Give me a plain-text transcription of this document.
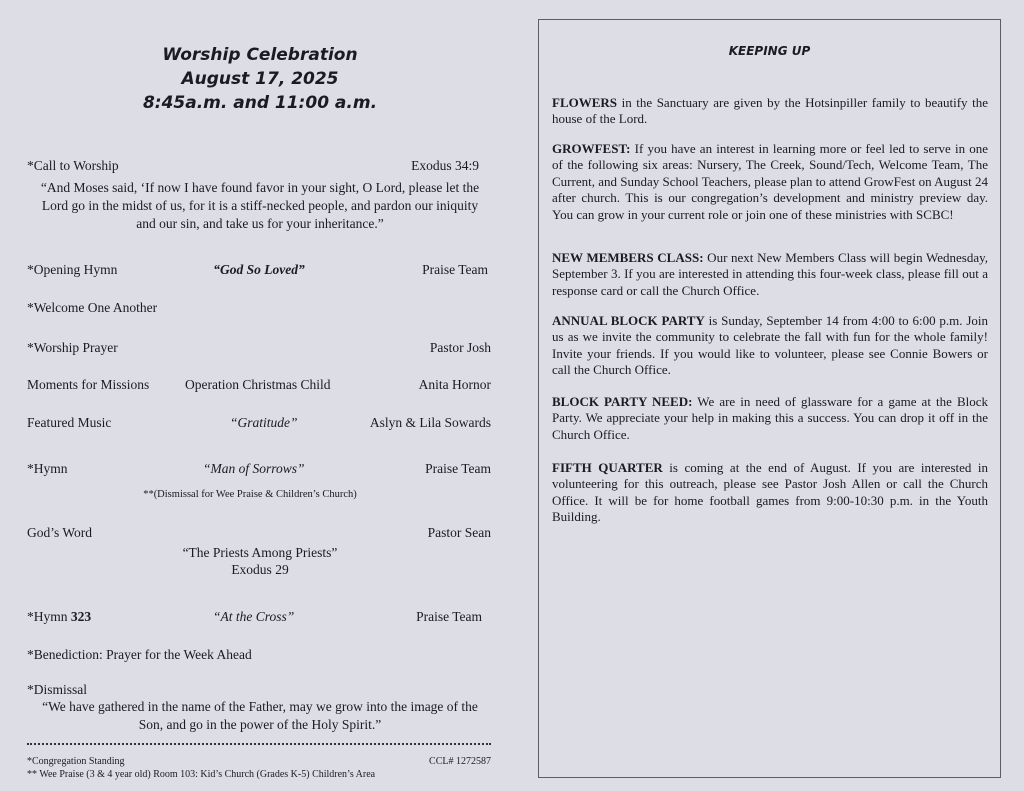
Worship Celebration
August 17, 2025
8:45a.m. and 11:00 a.m.
*Call to Worship	Exodus 34:9
“And Moses said, ‘If now I have found favor in your sight, O Lord, please let the
Lord go in the midst of us, for it is a stiff-necked people, and pardon our iniquity
and our sin, and take us for your inheritance.”
*Opening Hymn	“God So Loved”	Praise Team
*Welcome One Another
*Worship Prayer	Pastor Josh
Moments for Missions	Operation Christmas Child	Anita Hornor
Featured Music	“Gratitude”	Aslyn & Lila Sowards
*Hymn	“Man of Sorrows”	Praise Team
**(Dismissal for Wee Praise & Children’s Church)
God’s Word	Pastor Sean
“The Priests Among Priests”
Exodus 29
*Hymn 323	“At the Cross”	Praise Team
*Benediction: Prayer for the Week Ahead
*Dismissal
“We have gathered in the name of the Father, may we grow into the image of the
Son, and go in the power of the Holy Spirit.”
*Congregation Standing	CCL# 1272587
** Wee Praise (3 & 4 year old) Room 103: Kid’s Church (Grades K-5) Children’s Area
KEEPING UP
FLOWERS in the Sanctuary are given by the Hotsinpiller family to beautify the house of the Lord.
GROWFEST: If you have an interest in learning more or feel led to serve in one of the following six areas: Nursery, The Creek, Sound/Tech, Welcome Team, The Current, and Sunday School Teachers, please plan to attend GrowFest on August 24 after church. This is our congregation’s development and ministry preview day. You can grow in your current role or join one of these ministries with SCBC!
NEW MEMBERS CLASS: Our next New Members Class will begin Wednesday, September 3. If you are interested in attending this four-week class, please fill out a response card or call the Church Office.
ANNUAL BLOCK PARTY is Sunday, September 14 from 4:00 to 6:00 p.m. Join us as we invite the community to celebrate the fall with fun for the whole family! Invite your friends. If you would like to volunteer, please see Connie Bowers or call the Church Office.
BLOCK PARTY NEED: We are in need of glassware for a game at the Block Party. We appreciate your help in making this a success. You can drop it off in the Church Office.
FIFTH QUARTER is coming at the end of August. If you are interested in volunteering for this outreach, please see Pastor Josh Allen or call the Church Office. It will be for home football games from 9:00-10:30 p.m. in the Youth Building.
